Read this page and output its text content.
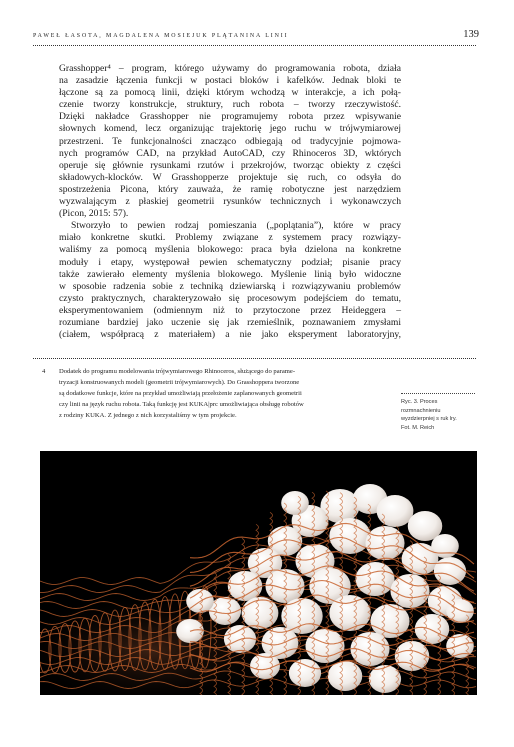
PAWEŁ ŁASOTA, MAGDALENA MOSIEJUK PLĄTANINA LINII	139

Grasshopper⁴ – program, którego używamy do programowania robota, działa
na zasadzie łączenia funkcji w postaci bloków i kafelków. Jednak bloki te
łączone są za pomocą linii, dzięki którym wchodzą w interakcje, a ich połą-
czenie tworzy konstrukcje, struktury, ruch robota – tworzy rzeczywistość.
Dzięki nakładce Grasshopper nie programujemy robota przez wpisywanie
słownych komend, lecz organizując trajektorię jego ruchu w trójwymiarowej
przestrzeni. Te funkcjonalności znacząco odbiegają od tradycyjnie pojmowa-
nych programów CAD, na przykład AutoCAD, czy Rhinoceros 3D, wktórych
operuje się głównie rysunkami rzutów i przekrojów, tworząc obiekty z części
składowych-klocków. W Grasshopperze projektuje się ruch, co odsyła do
spostrzeżenia Picona, który zauważa, że ramię robotyczne jest narzędziem
wyzwalającym z płaskiej geometrii rysunków technicznych i wykonawczych
(Picon, 2015: 57).

Stworzyło to pewien rodzaj pomieszania („poplątania”), które w pracy
miało konkretne skutki. Problemy związane z systemem pracy rozwiązy-
waliśmy za pomocą myślenia blokowego: praca była dzielona na konkretne
moduły i etapy, występował pewien schematyczny podział; pisanie pracy
także zawierało elementy myślenia blokowego. Myślenie linią było widoczne
w sposobie radzenia sobie z techniką dziewiarską i rozwiązywaniu problemów
czysto praktycznych, charakteryzowało się procesowym podejściem do tematu,
eksperymentowaniem (odmiennym niż to przytoczone przez Heideggera –
rozumiane bardziej jako uczenie się jak rzemieślnik, poznawaniem zmysłami
(ciałem, współpracą z materiałem) a nie jako eksperyment laboratoryjny,

4 Dodatek do programu modelowania trójwymiarowego Rhinoceros, służącego do parame-
tryzacji konstruowanych modeli (geometrii trójwymiarowych). Do Grasshoppera tworzone
są dodatkowe funkcje, które na przykład umożliwiają przełożenie zaplanowanych geometrii
czy linii na język ruchu robota. Taką funkcję jest KUKA|prc umożliwiająca obsługę robotów
z rodziny KUKA. Z jednego z nich korzystaliśmy w tym projekcie.
Ryc. 3. Proces
rozmnachnieniu
wyzdzierpniej s ruk lry.
Fot. M. Reich
